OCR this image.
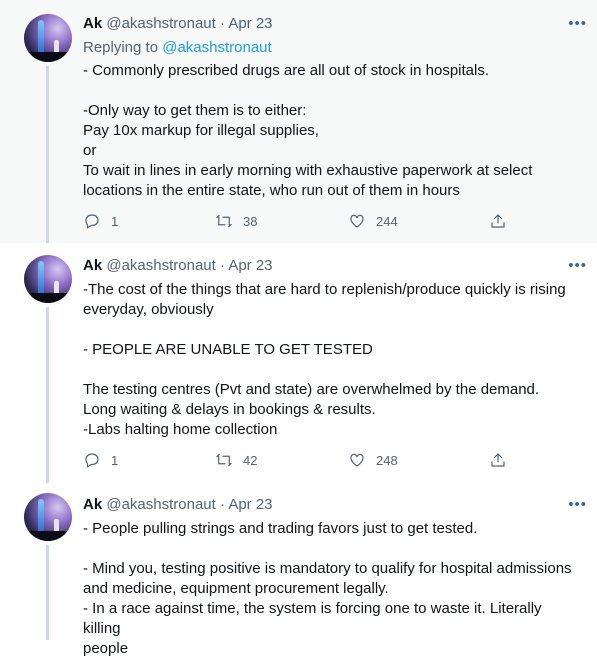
Ak @akashstronaut · Apr 23	•••
Replying to @akashstronaut

- Commonly prescribed drugs are all out of stock in hospitals.

-Only way to get them is to either:

Pay 10x markup for illegal supplies,

or

To wait in lines in early morning with exhaustive paperwork at select

locations in the entire state, who run out of them in hours

1	38	244
Ak @akashstronaut · Apr 23	•••

-The cost of the things that are hard to replenish/produce quickly is rising

everyday, obviously

- PEOPLE ARE UNABLE TO GET TESTED

The testing centres (Pvt and state) are overwhelmed by the demand.

Long waiting & delays in bookings & results.

-Labs halting home collection

1	42	248
Ak @akashstronaut · Apr 23	•••

- People pulling strings and trading favors just to get tested.

- Mind you, testing positive is mandatory to qualify for hospital admissions

and medicine, equipment procurement legally.

- In a race against time, the system is forcing one to waste it. Literally killing

people
